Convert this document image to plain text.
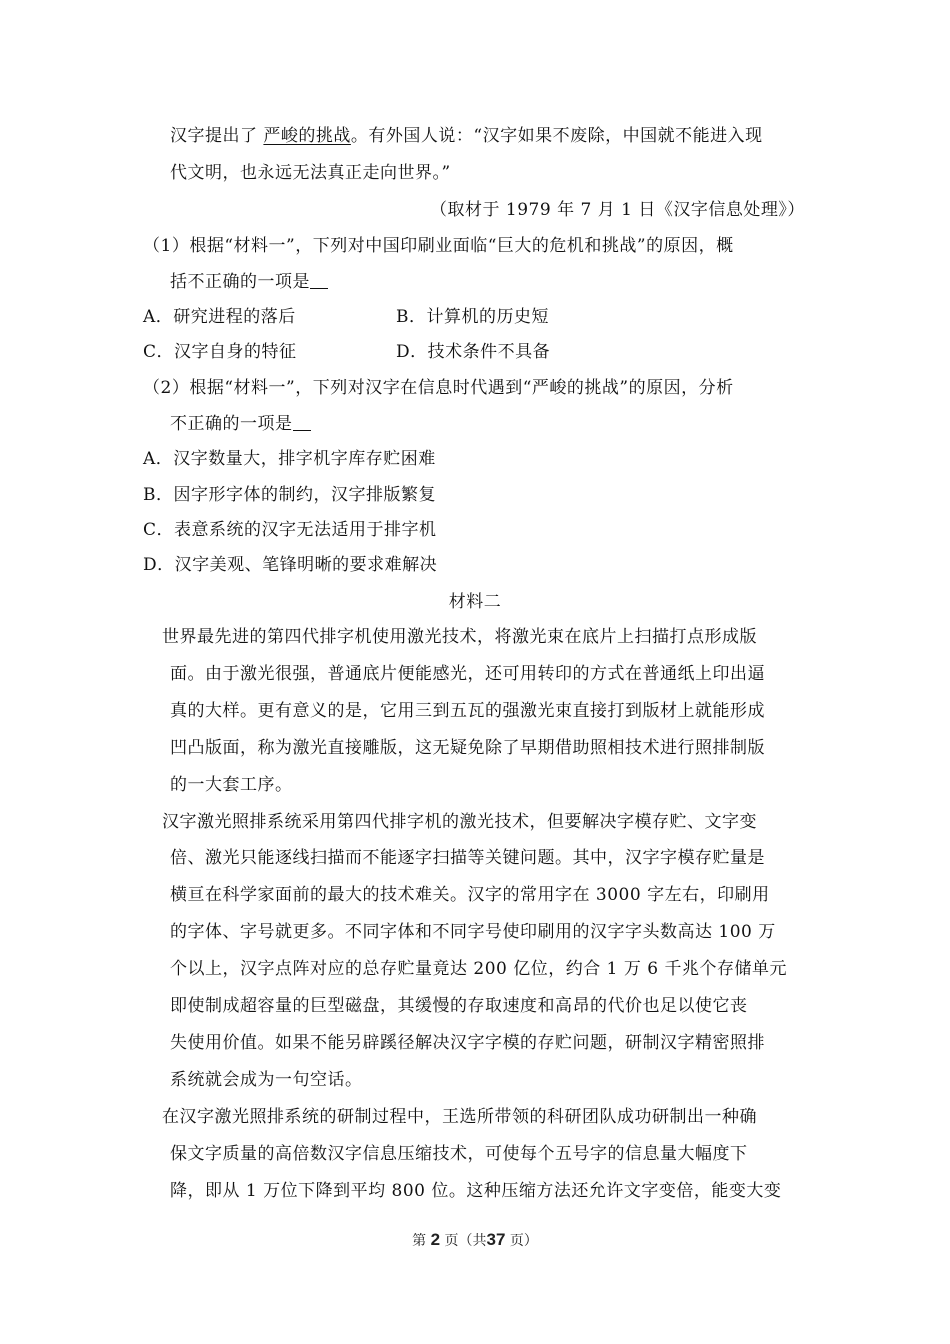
汉字提出了 严峻的挑战。有外国人说：“汉字如果不废除，中国就不能进入现
代文明，也永远无法真正走向世界。”
（取材于 1979 年 7 月 1 日《汉字信息处理》）
（1）根据“材料一”，下列对中国印刷业面临“巨大的危机和挑战”的原因，概
括不正确的一项是
A．研究进程的落后	B．计算机的历史短
C．汉字自身的特征	D．技术条件不具备
（2）根据“材料一”，下列对汉字在信息时代遇到“严峻的挑战”的原因，分析
不正确的一项是
A．汉字数量大，排字机字库存贮困难
B．因字形字体的制约，汉字排版繁复
C．表意系统的汉字无法适用于排字机
D．汉字美观、笔锋明晰的要求难解决
材料二
世界最先进的第四代排字机使用激光技术，将激光束在底片上扫描打点形成版
面。由于激光很强，普通底片便能感光，还可用转印的方式在普通纸上印出逼
真的大样。更有意义的是，它用三到五瓦的强激光束直接打到版材上就能形成
凹凸版面，称为激光直接雕版，这无疑免除了早期借助照相技术进行照排制版
的一大套工序。
汉字激光照排系统采用第四代排字机的激光技术，但要解决字模存贮、文字变
倍、激光只能逐线扫描而不能逐字扫描等关键问题。其中，汉字字模存贮量是
横亘在科学家面前的最大的技术难关。汉字的常用字在 3000 字左右，印刷用
的字体、字号就更多。不同字体和不同字号使印刷用的汉字字头数高达 100 万
个以上，汉字点阵对应的总存贮量竟达 200 亿位，约合 1 万 6 千兆个存储单元
即使制成超容量的巨型磁盘，其缓慢的存取速度和高昂的代价也足以使它丧
失使用价值。如果不能另辟蹊径解决汉字字模的存贮问题，研制汉字精密照排
系统就会成为一句空话。
在汉字激光照排系统的研制过程中，王选所带领的科研团队成功研制出一种确
保文字质量的高倍数汉字信息压缩技术，可使每个五号字的信息量大幅度下
降，即从 1 万位下降到平均 800 位。这种压缩方法还允许文字变倍，能变大变
第 2 页（共37 页）
